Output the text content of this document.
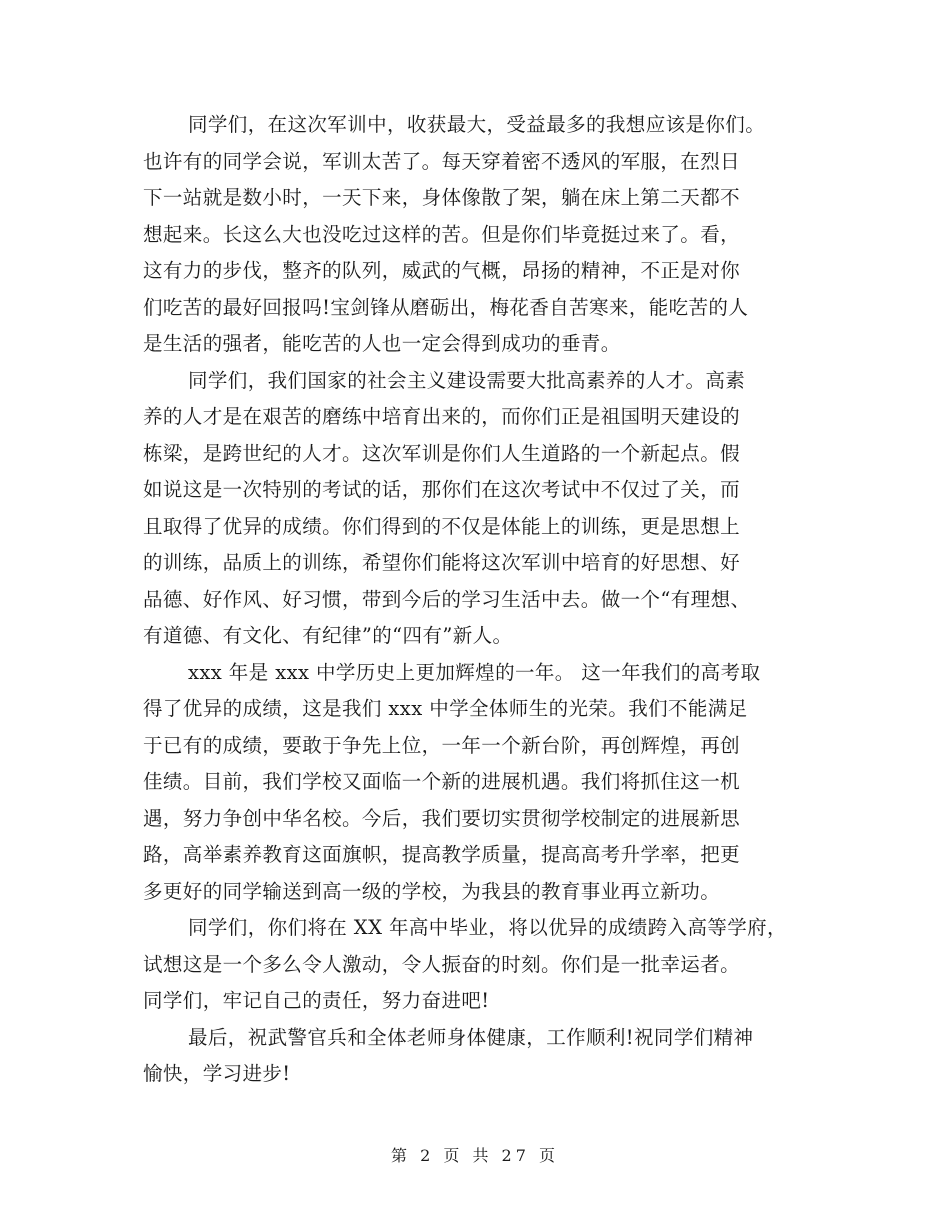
同学们，在这次军训中，收获最大，受益最多的我想应该是你们。
也许有的同学会说，军训太苦了。每天穿着密不透风的军服，在烈日
下一站就是数小时，一天下来，身体像散了架，躺在床上第二天都不
想起来。长这么大也没吃过这样的苦。但是你们毕竟挺过来了。看，
这有力的步伐，整齐的队列，威武的气概，昂扬的精神，不正是对你
们吃苦的最好回报吗!宝剑锋从磨砺出，梅花香自苦寒来，能吃苦的人
是生活的强者，能吃苦的人也一定会得到成功的垂青。
同学们，我们国家的社会主义建设需要大批高素养的人才。高素
养的人才是在艰苦的磨练中培育出来的，而你们正是祖国明天建设的
栋梁，是跨世纪的人才。这次军训是你们人生道路的一个新起点。假
如说这是一次特别的考试的话，那你们在这次考试中不仅过了关，而
且取得了优异的成绩。你们得到的不仅是体能上的训练，更是思想上
的训练，品质上的训练，希望你们能将这次军训中培育的好思想、好
品德、好作风、好习惯，带到今后的学习生活中去。做一个“有理想、
有道德、有文化、有纪律”的“四有”新人。
xxx 年是 xxx 中学历史上更加辉煌的一年。 这一年我们的高考取
得了优异的成绩，这是我们 xxx 中学全体师生的光荣。我们不能满足
于已有的成绩，要敢于争先上位，一年一个新台阶，再创辉煌，再创
佳绩。目前，我们学校又面临一个新的进展机遇。我们将抓住这一机
遇，努力争创中华名校。今后，我们要切实贯彻学校制定的进展新思
路，高举素养教育这面旗帜，提高教学质量，提高高考升学率，把更
多更好的同学输送到高一级的学校，为我县的教育事业再立新功。
同学们，你们将在 XX 年高中毕业，将以优异的成绩跨入高等学府，
试想这是一个多么令人激动，令人振奋的时刻。你们是一批幸运者。
同学们，牢记自己的责任，努力奋进吧!
最后，祝武警官兵和全体老师身体健康，工作顺利!祝同学们精神
愉快，学习进步!
第 2 页 共 27 页
